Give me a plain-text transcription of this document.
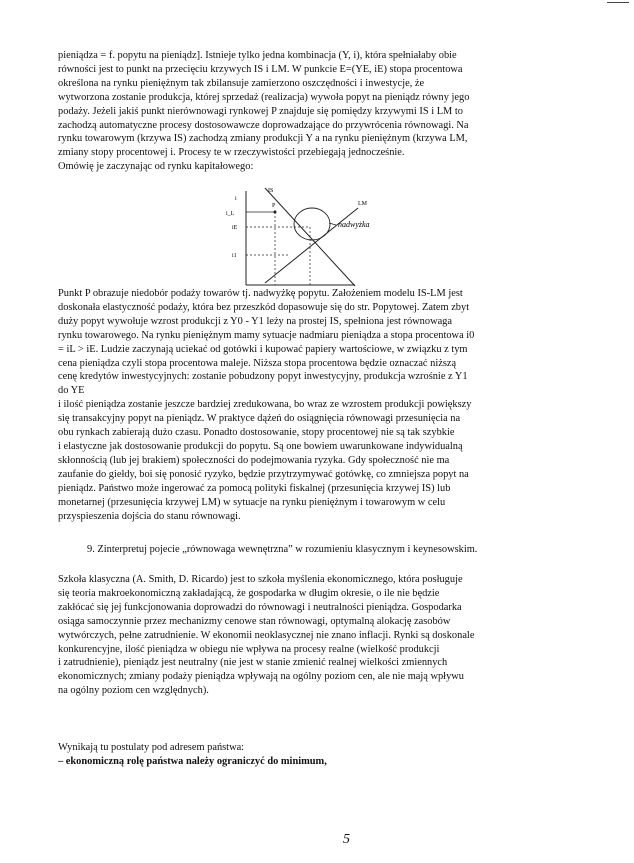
pieniądza = f. popytu na pieniądz]. Istnieje tylko jedna kombinacja (Y, i), która spełniałaby obie
równości jest to punkt na przecięciu krzywych IS i LM. W punkcie E=(YE, iE) stopa procentowa
określona na rynku pieniężnym tak zbilansuje zamierzono oszczędności i inwestycje, że
wytworzona zostanie produkcja, której sprzedaż (realizacja) wywoła popyt na pieniądz równy jego
podaży. Jeżeli jakiś punkt nierównowagi rynkowej P znajduje się pomiędzy krzywymi IS i LM to
zachodzą automatyczne procesy dostosowawcze doprowadzające do przywrócenia równowagi. Na
rynku towarowym (krzywa IS) zachodzą zmiany produkcji Y a na rynku pieniężnym (krzywa LM,
zmiany stopy procentowej i. Procesy te w rzeczywistości przebiegają jednocześnie.
Omówię je zaczynając od rynku kapitałowego:
IS
LM
i
P
i_L
iE
i1
nadwyżka
Punkt P obrazuje niedobór podaży towarów tj. nadwyżkę popytu. Założeniem modelu IS-LM jest
doskonała elastyczność podaży, która bez przeszkód dopasowuje się do str. Popytowej. Zatem zbyt
duży popyt wywołuje wzrost produkcji z Y0 - Y1 leży na prostej IS, spełniona jest równowaga
rynku towarowego. Na rynku pieniężnym mamy sytuacje nadmiaru pieniądza a stopa procentowa i0
= iL > iE. Ludzie zaczynają uciekać od gotówki i kupować papiery wartościowe, w związku z tym
cena pieniądza czyli stopa procentowa maleje. Niższa stopa procentowa będzie oznaczać niższą
cenę kredytów inwestycyjnych: zostanie pobudzony popyt inwestycyjny, produkcja wzrośnie z Y1
do YE
i ilość pieniądza zostanie jeszcze bardziej zredukowana, bo wraz ze wzrostem produkcji powiększy
się transakcyjny popyt na pieniądz. W praktyce dążeń do osiągnięcia równowagi przesunięcia na
obu rynkach zabierają dużo czasu. Ponadto dostosowanie, stopy procentowej nie są tak szybkie
i elastyczne jak dostosowanie produkcji do popytu. Są one bowiem uwarunkowane indywidualną
skłonnością (lub jej brakiem) społeczności do podejmowania ryzyka. Gdy społeczność nie ma
zaufanie do giełdy, boi się ponosić ryzyko, będzie przytrzymywać gotówkę, co zmniejsza popyt na
pieniądz. Państwo może ingerować za pomocą polityki fiskalnej (przesunięcia krzywej IS) lub
monetarnej (przesunięcia krzywej LM) w sytuacje na rynku pieniężnym i towarowym w celu
przyspieszenia dojścia do stanu równowagi.
9. Zinterpretuj pojecie „równowaga wewnętrzna” w rozumieniu klasycznym i keynesowskim.
Szkoła klasyczna (A. Smith, D. Ricardo) jest to szkoła myślenia ekonomicznego, która posługuje
się teoria makroekonomiczną zakładającą, że gospodarka w długim okresie, o ile nie będzie
zakłócać się jej funkcjonowania doprowadzi do równowagi i neutralności pieniądza. Gospodarka
osiąga samoczynnie przez mechanizmy cenowe stan równowagi, optymalną alokację zasobów
wytwórczych, pełne zatrudnienie. W ekonomii neoklasycznej nie znano inflacji. Rynki są doskonale
konkurencyjne, ilość pieniądza w obiegu nie wpływa na procesy realne (wielkość produkcji
i zatrudnienie), pieniądz jest neutralny (nie jest w stanie zmienić realnej wielkości zmiennych
ekonomicznych; zmiany podaży pieniądza wpływają na ogólny poziom cen, ale nie mają wpływu
na ogólny poziom cen względnych).
Wynikają tu postulaty pod adresem państwa:
– ekonomiczną rolę państwa należy ograniczyć do minimum,
5
